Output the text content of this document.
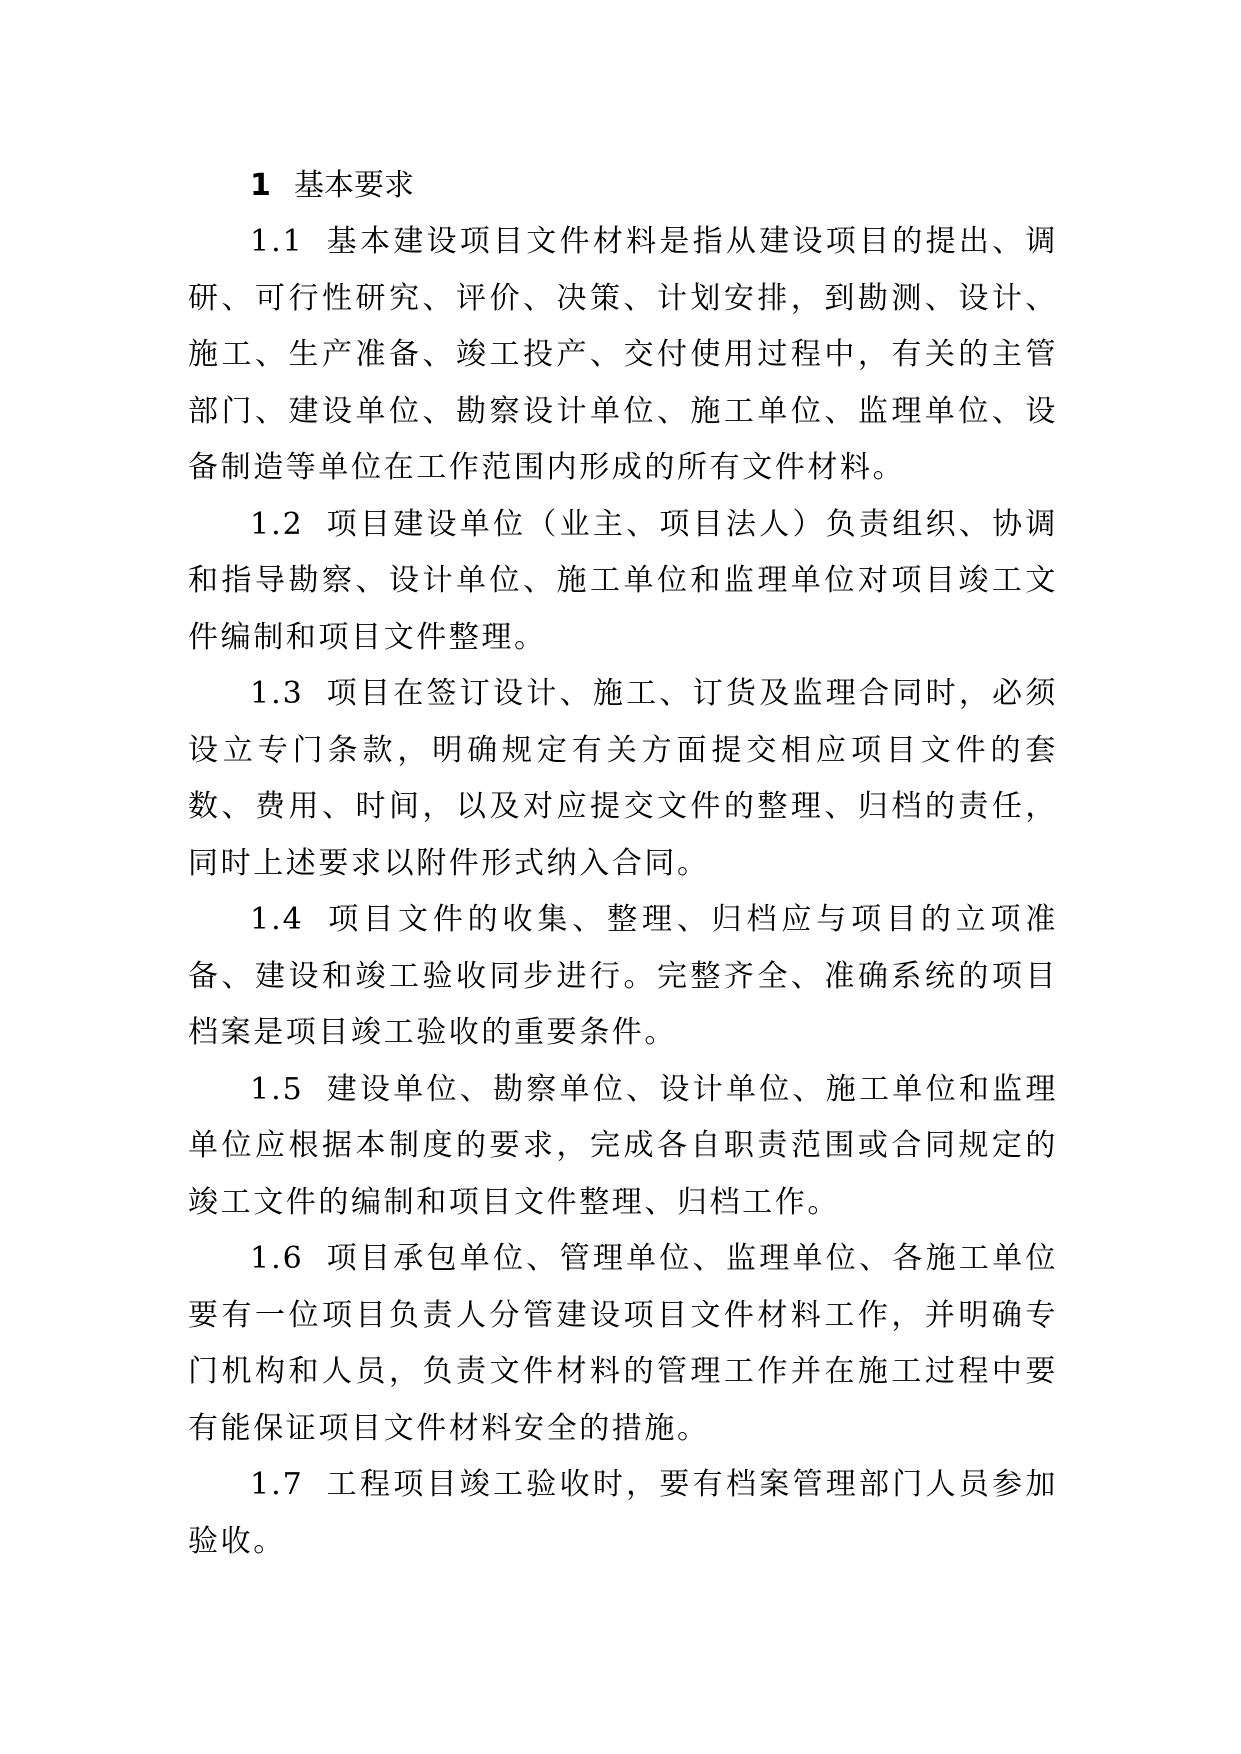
1 基本要求

1.1 基本建设项目文件材料是指从建设项目的提出、调研、可行性研究、评价、决策、计划安排，到勘测、设计、施工、生产准备、竣工投产、交付使用过程中，有关的主管部门、建设单位、勘察设计单位、施工单位、监理单位、设备制造等单位在工作范围内形成的所有文件材料。

1.2 项目建设单位（业主、项目法人）负责组织、协调和指导勘察、设计单位、施工单位和监理单位对项目竣工文件编制和项目文件整理。

1.3 项目在签订设计、施工、订货及监理合同时，必须设立专门条款，明确规定有关方面提交相应项目文件的套数、费用、时间，以及对应提交文件的整理、归档的责任，同时上述要求以附件形式纳入合同。

1.4 项目文件的收集、整理、归档应与项目的立项准备、建设和竣工验收同步进行。完整齐全、准确系统的项目档案是项目竣工验收的重要条件。

1.5 建设单位、勘察单位、设计单位、施工单位和监理单位应根据本制度的要求，完成各自职责范围或合同规定的竣工文件的编制和项目文件整理、归档工作。

1.6 项目承包单位、管理单位、监理单位、各施工单位要有一位项目负责人分管建设项目文件材料工作，并明确专门机构和人员，负责文件材料的管理工作并在施工过程中要有能保证项目文件材料安全的措施。

1.7 工程项目竣工验收时，要有档案管理部门人员参加验收。
